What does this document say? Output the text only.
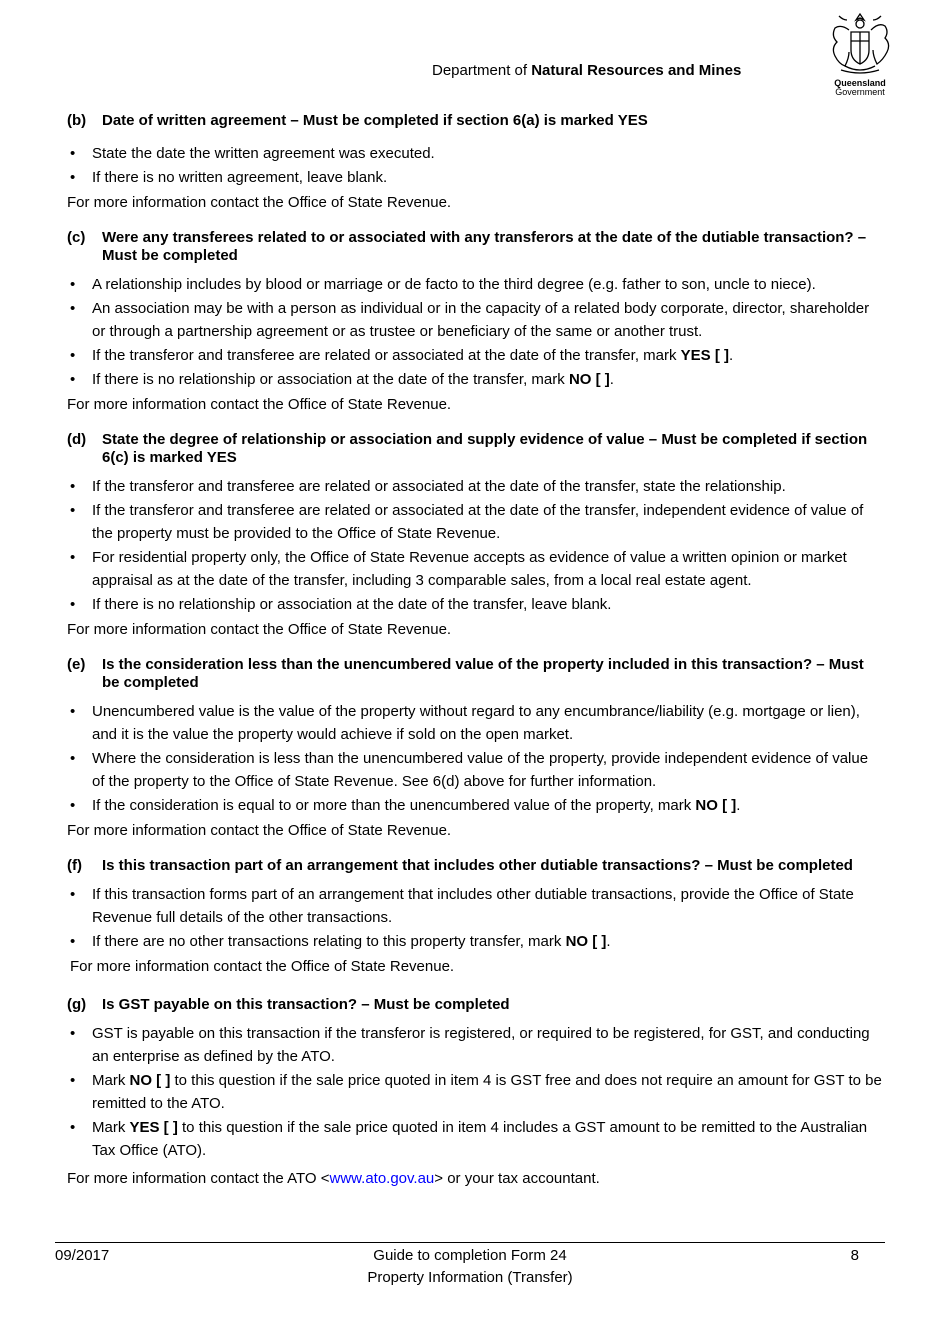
Department of Natural Resources and Mines
Queensland
Government
(b) Date of written agreement – Must be completed if section 6(a) is marked YES
• State the date the written agreement was executed.
• If there is no written agreement, leave blank.
For more information contact the Office of State Revenue.
(c) Were any transferees related to or associated with any transferors at the date of the dutiable transaction? – Must be completed
• A relationship includes by blood or marriage or de facto to the third degree (e.g. father to son, uncle to niece).
• An association may be with a person as individual or in the capacity of a related body corporate, director, shareholder or through a partnership agreement or as trustee or beneficiary of the same or another trust.
• If the transferor and transferee are related or associated at the date of the transfer, mark YES [ ].
• If there is no relationship or association at the date of the transfer, mark NO [ ].
For more information contact the Office of State Revenue.
(d) State the degree of relationship or association and supply evidence of value – Must be completed if section 6(c) is marked YES
• If the transferor and transferee are related or associated at the date of the transfer, state the relationship.
• If the transferor and transferee are related or associated at the date of the transfer, independent evidence of value of the property must be provided to the Office of State Revenue.
• For residential property only, the Office of State Revenue accepts as evidence of value a written opinion or market appraisal as at the date of the transfer, including 3 comparable sales, from a local real estate agent.
• If there is no relationship or association at the date of the transfer, leave blank.
For more information contact the Office of State Revenue.
(e) Is the consideration less than the unencumbered value of the property included in this transaction? – Must be completed
• Unencumbered value is the value of the property without regard to any encumbrance/liability (e.g. mortgage or lien), and it is the value the property would achieve if sold on the open market.
• Where the consideration is less than the unencumbered value of the property, provide independent evidence of value of the property to the Office of State Revenue. See 6(d) above for further information.
• If the consideration is equal to or more than the unencumbered value of the property, mark NO [ ].
For more information contact the Office of State Revenue.
(f) Is this transaction part of an arrangement that includes other dutiable transactions? – Must be completed
• If this transaction forms part of an arrangement that includes other dutiable transactions, provide the Office of State Revenue full details of the other transactions.
• If there are no other transactions relating to this property transfer, mark NO [ ].
For more information contact the Office of State Revenue.
(g) Is GST payable on this transaction? – Must be completed
• GST is payable on this transaction if the transferor is registered, or required to be registered, for GST, and conducting an enterprise as defined by the ATO.
• Mark NO [ ] to this question if the sale price quoted in item 4 is GST free and does not require an amount for GST to be remitted to the ATO.
• Mark YES [ ] to this question if the sale price quoted in item 4 includes a GST amount to be remitted to the Australian Tax Office (ATO).
For more information contact the ATO <www.ato.gov.au> or your tax accountant.
09/2017	Guide to completion Form 24
Property Information (Transfer)
8
